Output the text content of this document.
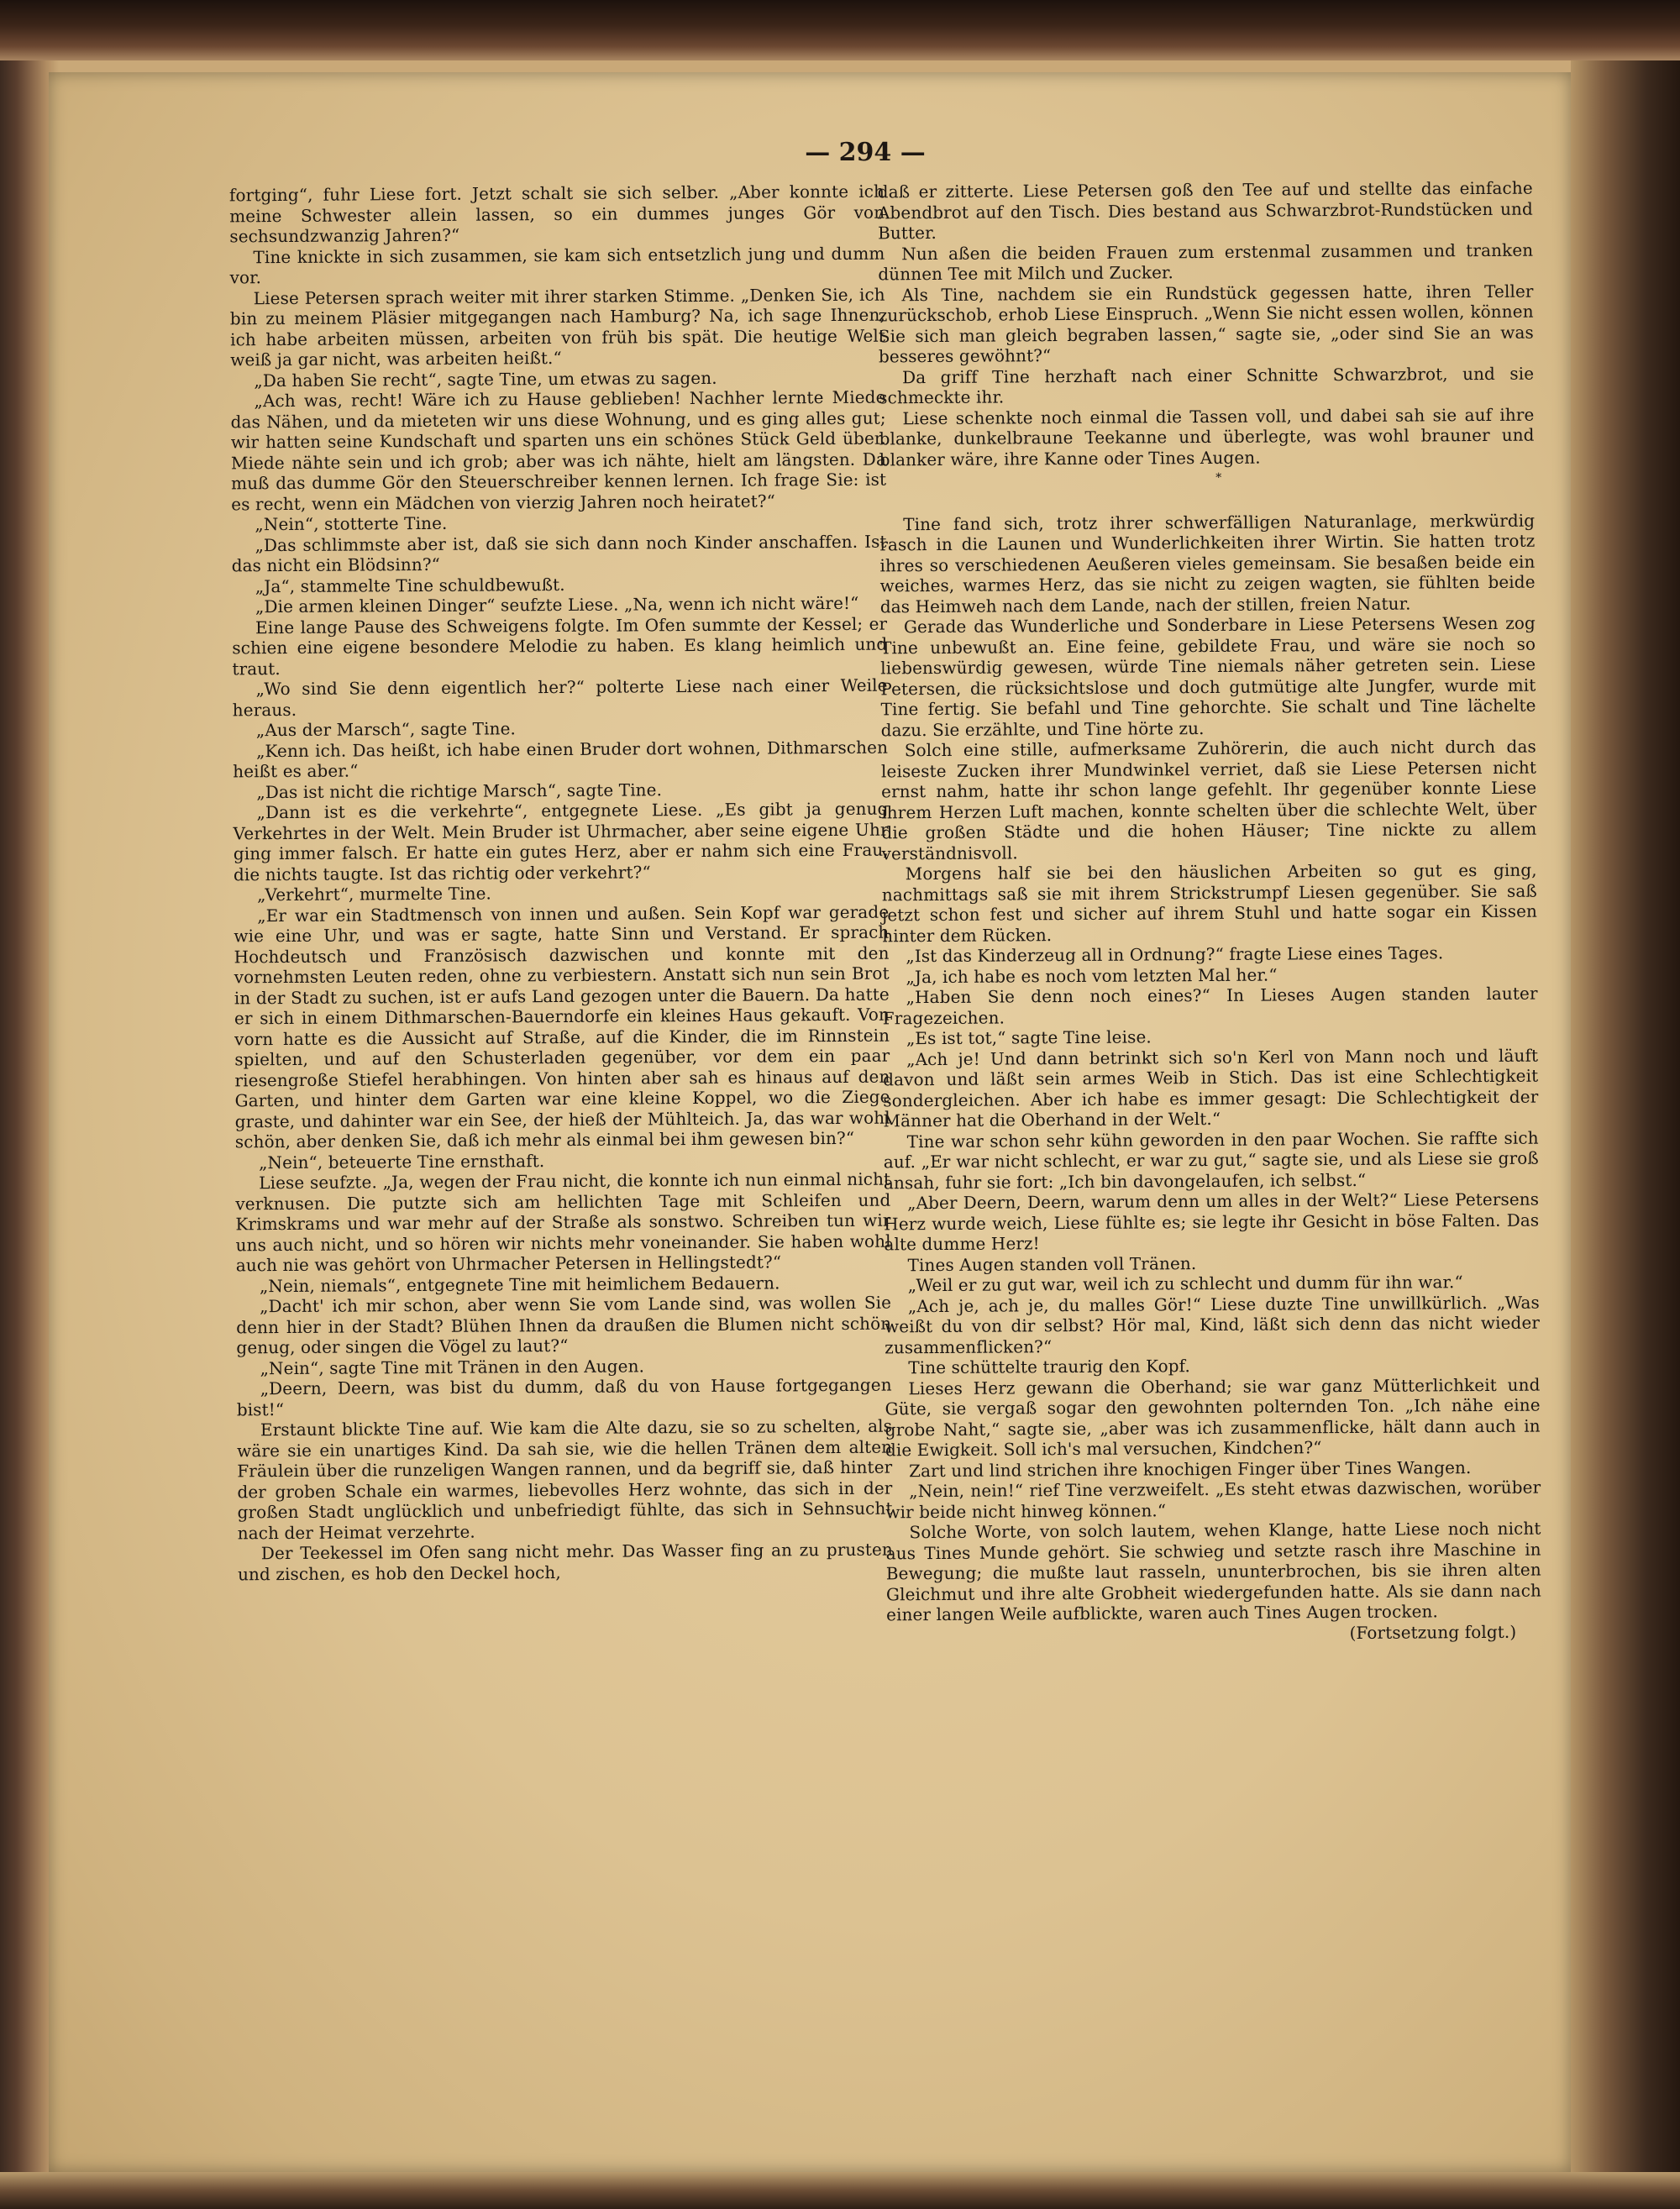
— 294 —

fortging“, fuhr Liese fort. Jetzt schalt sie sich selber. „Aber konnte ich meine Schwester allein lassen, so ein dummes junges Gör von sechsundzwanzig Jahren?“

Tine knickte in sich zusammen, sie kam sich entsetzlich jung und dumm vor.

Liese Petersen sprach weiter mit ihrer starken Stimme. „Denken Sie, ich bin zu meinem Pläsier mitgegangen nach Hamburg? Na, ich sage Ihnen, ich habe arbeiten müssen, arbeiten von früh bis spät. Die heutige Welt weiß ja gar nicht, was arbeiten heißt.“

„Da haben Sie recht“, sagte Tine, um etwas zu sagen.

„Ach was, recht! Wäre ich zu Hause geblieben! Nachher lernte Miede das Nähen, und da mieteten wir uns diese Wohnung, und es ging alles gut; wir hatten seine Kundschaft und sparten uns ein schönes Stück Geld über. Miede nähte sein und ich grob; aber was ich nähte, hielt am längsten. Da muß das dumme Gör den Steuerschreiber kennen lernen. Ich frage Sie: ist es recht, wenn ein Mädchen von vierzig Jahren noch heiratet?“

„Nein“, stotterte Tine.

„Das schlimmste aber ist, daß sie sich dann noch Kinder anschaffen. Ist das nicht ein Blödsinn?“

„Ja“, stammelte Tine schuldbewußt.

„Die armen kleinen Dinger“ seufzte Liese. „Na, wenn ich nicht wäre!“

Eine lange Pause des Schweigens folgte. Im Ofen summte der Kessel; er schien eine eigene besondere Melodie zu haben. Es klang heimlich und traut.

„Wo sind Sie denn eigentlich her?“ polterte Liese nach einer Weile heraus.

„Aus der Marsch“, sagte Tine.

„Kenn ich. Das heißt, ich habe einen Bruder dort wohnen, Dithmarschen heißt es aber.“

„Das ist nicht die richtige Marsch“, sagte Tine.

„Dann ist es die verkehrte“, entgegnete Liese. „Es gibt ja genug Verkehrtes in der Welt. Mein Bruder ist Uhrmacher, aber seine eigene Uhr ging immer falsch. Er hatte ein gutes Herz, aber er nahm sich eine Frau, die nichts taugte. Ist das richtig oder verkehrt?“

„Verkehrt“, murmelte Tine.

„Er war ein Stadtmensch von innen und außen. Sein Kopf war gerade wie eine Uhr, und was er sagte, hatte Sinn und Verstand. Er sprach Hochdeutsch und Französisch dazwischen und konnte mit den vornehmsten Leuten reden, ohne zu verbiestern. Anstatt sich nun sein Brot in der Stadt zu suchen, ist er aufs Land gezogen unter die Bauern. Da hatte er sich in einem Dithmarschen-Bauerndorfe ein kleines Haus gekauft. Von vorn hatte es die Aussicht auf Straße, auf die Kinder, die im Rinnstein spielten, und auf den Schusterladen gegenüber, vor dem ein paar riesengroße Stiefel herabhingen. Von hinten aber sah es hinaus auf den Garten, und hinter dem Garten war eine kleine Koppel, wo die Ziege graste, und dahinter war ein See, der hieß der Mühlteich. Ja, das war wohl schön, aber denken Sie, daß ich mehr als einmal bei ihm gewesen bin?“

„Nein“, beteuerte Tine ernsthaft.

Liese seufzte. „Ja, wegen der Frau nicht, die konnte ich nun einmal nicht verknusen. Die putzte sich am hellichten Tage mit Schleifen und Krimskrams und war mehr auf der Straße als sonstwo. Schreiben tun wir uns auch nicht, und so hören wir nichts mehr voneinander. Sie haben wohl auch nie was gehört von Uhrmacher Petersen in Hellingstedt?“

„Nein, niemals“, entgegnete Tine mit heimlichem Bedauern.

„Dacht' ich mir schon, aber wenn Sie vom Lande sind, was wollen Sie denn hier in der Stadt? Blühen Ihnen da draußen die Blumen nicht schön genug, oder singen die Vögel zu laut?“

„Nein“, sagte Tine mit Tränen in den Augen.

„Deern, Deern, was bist du dumm, daß du von Hause fortgegangen bist!“

Erstaunt blickte Tine auf. Wie kam die Alte dazu, sie so zu schelten, als wäre sie ein unartiges Kind. Da sah sie, wie die hellen Tränen dem alten Fräulein über die runzeligen Wangen rannen, und da begriff sie, daß hinter der groben Schale ein warmes, liebevolles Herz wohnte, das sich in der großen Stadt unglücklich und unbefriedigt fühlte, das sich in Sehnsucht nach der Heimat verzehrte.

Der Teekessel im Ofen sang nicht mehr. Das Wasser fing an zu prusten und zischen, es hob den Deckel hoch,

daß er zitterte. Liese Petersen goß den Tee auf und stellte das einfache Abendbrot auf den Tisch. Dies bestand aus Schwarzbrot-Rundstücken und Butter.

Nun aßen die beiden Frauen zum erstenmal zusammen und tranken dünnen Tee mit Milch und Zucker.

Als Tine, nachdem sie ein Rundstück gegessen hatte, ihren Teller zurückschob, erhob Liese Einspruch. „Wenn Sie nicht essen wollen, können Sie sich man gleich begraben lassen,“ sagte sie, „oder sind Sie an was besseres gewöhnt?“

Da griff Tine herzhaft nach einer Schnitte Schwarzbrot, und sie schmeckte ihr.

Liese schenkte noch einmal die Tassen voll, und dabei sah sie auf ihre blanke, dunkelbraune Teekanne und überlegte, was wohl brauner und blanker wäre, ihre Kanne oder Tines Augen.

*

Tine fand sich, trotz ihrer schwerfälligen Naturanlage, merkwürdig rasch in die Launen und Wunderlichkeiten ihrer Wirtin. Sie hatten trotz ihres so verschiedenen Aeußeren vieles gemeinsam. Sie besaßen beide ein weiches, warmes Herz, das sie nicht zu zeigen wagten, sie fühlten beide das Heimweh nach dem Lande, nach der stillen, freien Natur.

Gerade das Wunderliche und Sonderbare in Liese Petersens Wesen zog Tine unbewußt an. Eine feine, gebildete Frau, und wäre sie noch so liebenswürdig gewesen, würde Tine niemals näher getreten sein. Liese Petersen, die rücksichtslose und doch gutmütige alte Jungfer, wurde mit Tine fertig. Sie befahl und Tine gehorchte. Sie schalt und Tine lächelte dazu. Sie erzählte, und Tine hörte zu.

Solch eine stille, aufmerksame Zuhörerin, die auch nicht durch das leiseste Zucken ihrer Mundwinkel verriet, daß sie Liese Petersen nicht ernst nahm, hatte ihr schon lange gefehlt. Ihr gegenüber konnte Liese ihrem Herzen Luft machen, konnte schelten über die schlechte Welt, über die großen Städte und die hohen Häuser; Tine nickte zu allem verständnisvoll.

Morgens half sie bei den häuslichen Arbeiten so gut es ging, nachmittags saß sie mit ihrem Strickstrumpf Liesen gegenüber. Sie saß jetzt schon fest und sicher auf ihrem Stuhl und hatte sogar ein Kissen hinter dem Rücken.

„Ist das Kinderzeug all in Ordnung?“ fragte Liese eines Tages.

„Ja, ich habe es noch vom letzten Mal her.“

„Haben Sie denn noch eines?“ In Lieses Augen standen lauter Fragezeichen.

„Es ist tot,“ sagte Tine leise.

„Ach je! Und dann betrinkt sich so'n Kerl von Mann noch und läuft davon und läßt sein armes Weib in Stich. Das ist eine Schlechtigkeit sondergleichen. Aber ich habe es immer gesagt: Die Schlechtigkeit der Männer hat die Oberhand in der Welt.“

Tine war schon sehr kühn geworden in den paar Wochen. Sie raffte sich auf. „Er war nicht schlecht, er war zu gut,“ sagte sie, und als Liese sie groß ansah, fuhr sie fort: „Ich bin davongelaufen, ich selbst.“

„Aber Deern, Deern, warum denn um alles in der Welt?“ Liese Petersens Herz wurde weich, Liese fühlte es; sie legte ihr Gesicht in böse Falten. Das alte dumme Herz!

Tines Augen standen voll Tränen.

„Weil er zu gut war, weil ich zu schlecht und dumm für ihn war.“

„Ach je, ach je, du malles Gör!“ Liese duzte Tine unwillkürlich. „Was weißt du von dir selbst? Hör mal, Kind, läßt sich denn das nicht wieder zusammenflicken?“

Tine schüttelte traurig den Kopf.

Lieses Herz gewann die Oberhand; sie war ganz Mütterlichkeit und Güte, sie vergaß sogar den gewohnten polternden Ton. „Ich nähe eine grobe Naht,“ sagte sie, „aber was ich zusammenflicke, hält dann auch in die Ewigkeit. Soll ich's mal versuchen, Kindchen?“

Zart und lind strichen ihre knochigen Finger über Tines Wangen.

„Nein, nein!“ rief Tine verzweifelt. „Es steht etwas dazwischen, worüber wir beide nicht hinweg können.“

Solche Worte, von solch lautem, wehen Klange, hatte Liese noch nicht aus Tines Munde gehört. Sie schwieg und setzte rasch ihre Maschine in Bewegung; die mußte laut rasseln, ununterbrochen, bis sie ihren alten Gleichmut und ihre alte Grobheit wiedergefunden hatte. Als sie dann nach einer langen Weile aufblickte, waren auch Tines Augen trocken.

(Fortsetzung folgt.)
